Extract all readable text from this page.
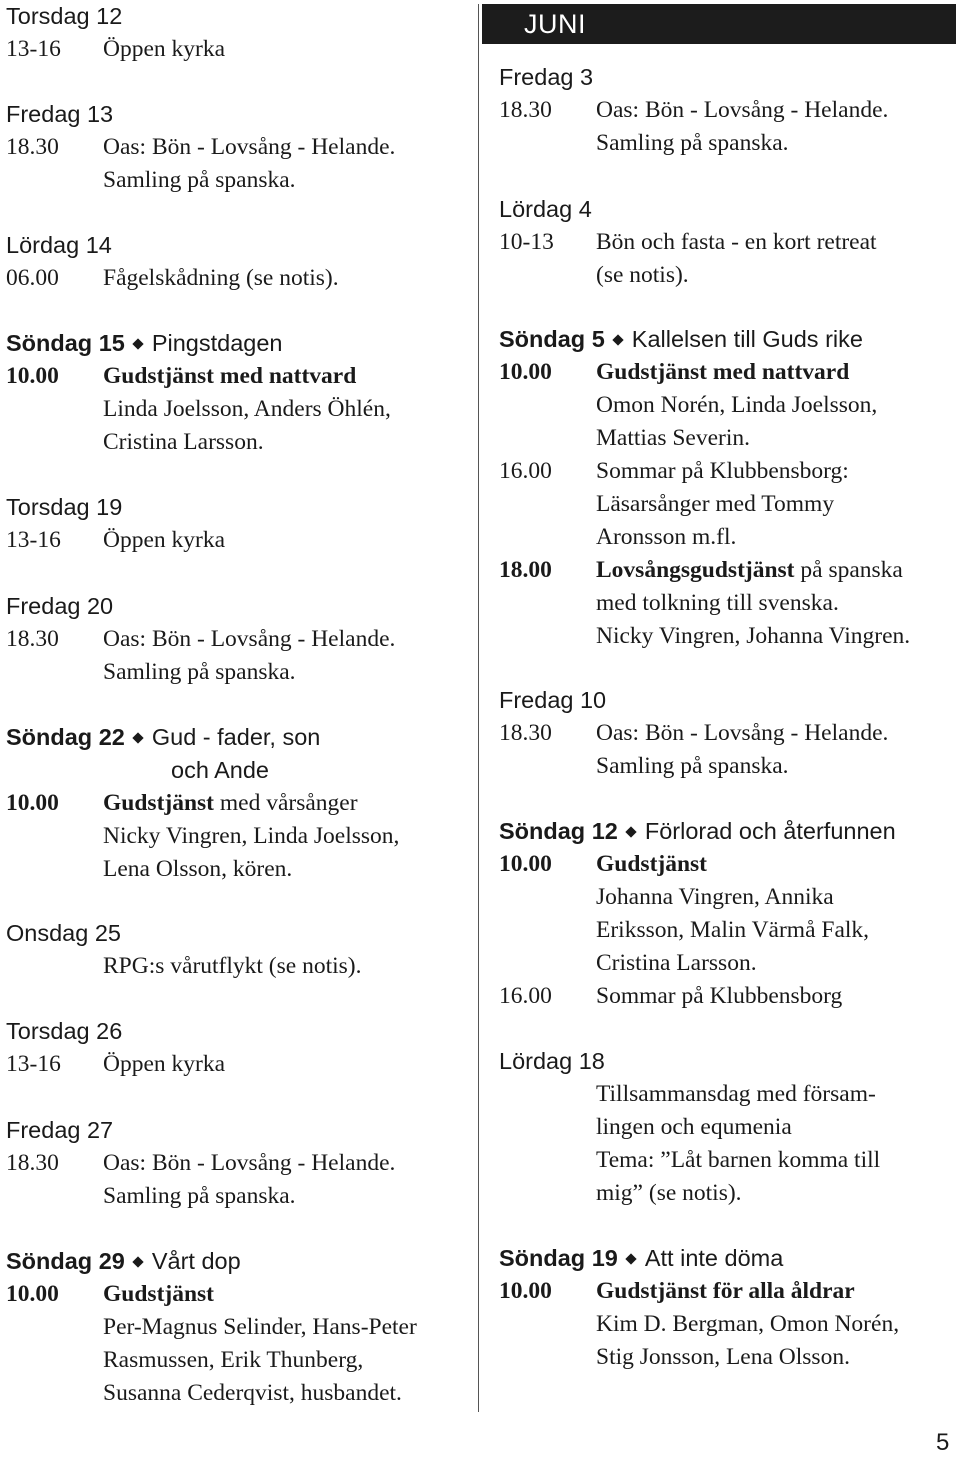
JUNI
Torsdag 12
13-16 Öppen kyrka
Fredag 13
18.30 Oas: Bön - Lovsång - Helande.
Samling på spanska.
Lördag 14
06.00 Fågelskådning (se notis).
Söndag 15 Pingstdagen
10.00 Gudstjänst med nattvard
Linda Joelsson, Anders Öhlén,
Cristina Larsson.
Torsdag 19
13-16 Öppen kyrka
Fredag 20
18.30 Oas: Bön - Lovsång - Helande.
Samling på spanska.
Söndag 22 Gud - fader, son
och Ande
10.00 Gudstjänst med vårsånger
Nicky Vingren, Linda Joelsson,
Lena Olsson, kören.
Onsdag 25
RPG:s vårutflykt (se notis).
Torsdag 26
13-16 Öppen kyrka
Fredag 27
18.30 Oas: Bön - Lovsång - Helande.
Samling på spanska.
Söndag 29 Vårt dop
10.00 Gudstjänst
Per-Magnus Selinder, Hans-Peter
Rasmussen, Erik Thunberg,
Susanna Cederqvist, husbandet.
Fredag 3
18.30 Oas: Bön - Lovsång - Helande.
Samling på spanska.
Lördag 4
10-13 Bön och fasta - en kort retreat
(se notis).
Söndag 5 Kallelsen till Guds rike
10.00 Gudstjänst med nattvard
Omon Norén, Linda Joelsson,
Mattias Severin.
16.00 Sommar på Klubbensborg:
Läsarsånger med Tommy
Aronsson m.fl.
18.00 Lovsångsgudstjänst på spanska
med tolkning till svenska.
Nicky Vingren, Johanna Vingren.
Fredag 10
18.30 Oas: Bön - Lovsång - Helande.
Samling på spanska.
Söndag 12 Förlorad och återfunnen
10.00 Gudstjänst
Johanna Vingren, Annika
Eriksson, Malin Värmå Falk,
Cristina Larsson.
16.00 Sommar på Klubbensborg
Lördag 18
Tillsammansdag med försam-
lingen och equmenia
Tema: ”Låt barnen komma till
mig” (se notis).
Söndag 19 Att inte döma
10.00 Gudstjänst för alla åldrar
Kim D. Bergman, Omon Norén,
Stig Jonsson, Lena Olsson.
5
